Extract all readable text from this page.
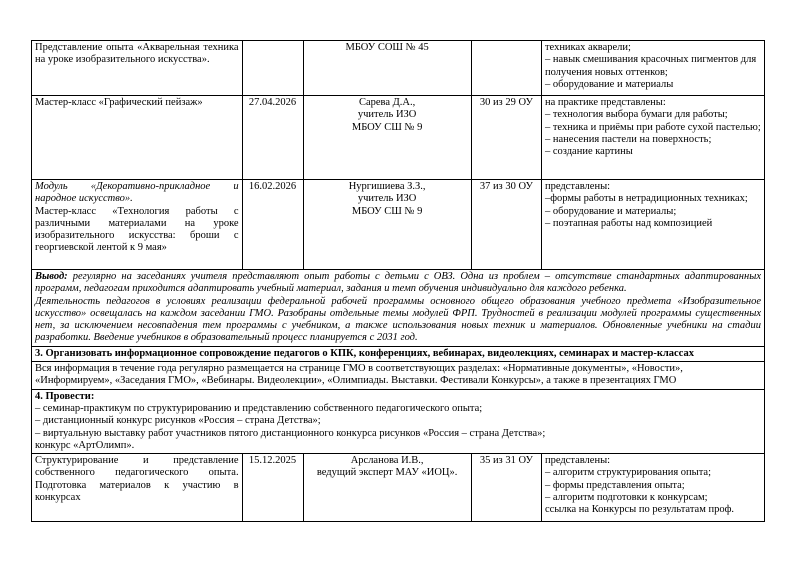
Представление опыта «Акварельная техника на уроке изобразительного искусства».		МБОУ СОШ № 45		техниках акварели;
– навык смешивания красочных пигментов для получения новых оттенков;
– оборудование и материалы

Мастер-класс «Графический пейзаж»	27.04.2026	Сарева Д.А.,
учитель ИЗО
МБОУ СШ № 9	30 из 29 ОУ	на практике представлены:
– технология выбора бумаги для работы;
– техника и приёмы при работе сухой пастелью;
– нанесения пастели на поверхность;
– создание картины

Модуль «Декоративно-прикладное и народное искусство».
Мастер-класс «Технология работы с различными материалами на уроке изобразительного искусства: броши с георгиевской лентой к 9 мая»	16.02.2026	Нургишиева З.З.,
учитель ИЗО
МБОУ СШ № 9	37 из 30 ОУ	представлены:
–формы работы в нетрадиционных техниках;
– оборудование и материалы;
– поэтапная работы над композицией

Вывод: регулярно на заседаниях учителя представляют опыт работы с детьми с ОВЗ. Одна из проблем – отсутствие стандартных адаптированных программ, педагогам приходится адаптировать учебный материал, задания и темп обучения индивидуально для каждого ребенка.
Деятельность педагогов в условиях реализации федеральной рабочей программы основного общего образования учебного предмета «Изобразительное искусство» освещалась на каждом заседании ГМО. Разобраны отдельные темы модулей ФРП. Трудностей в реализации модулей программы существенных нет, за исключением несовпадения тем программы с учебником, а также использования новых техник и материалов. Обновленные учебники на стадии разработки. Введение учебников в образовательный процесс планируется с 2031 год.				

3. Организовать информационное сопровождение педагогов о КПК, конференциях, вебинарах, видеолекциях, семинарах и мастер-классах				
Вся информация в течение года регулярно размещается на странице ГМО в соответствующих разделах: «Нормативные документы», «Новости», «Информируем», «Заседания ГМО», «Вебинары. Видеолекции», «Олимпиады. Выставки. Фестивали Конкурсы», а также в презентациях ГМО				

4. Провести:
– семинар-практикум по структурированию и представлению собственного педагогического опыта;
– дистанционный конкурс рисунков «Россия – страна Детства»;
– виртуальную выставку работ участников пятого дистанционного конкурса рисунков «Россия – страна Детства»;
конкурс «АртОлимп».				

Структурирование и представление собственного педагогического опыта. Подготовка материалов к участию в конкурсах	15.12.2025	Арсланова И.В.,
ведущий эксперт МАУ «ИОЦ».	35 из 31 ОУ	представлены:
– алгоритм структурирования опыта;
– формы представления опыта;
– алгоритм подготовки к конкурсам;
ссылка на Конкурсы по результатам проф.
